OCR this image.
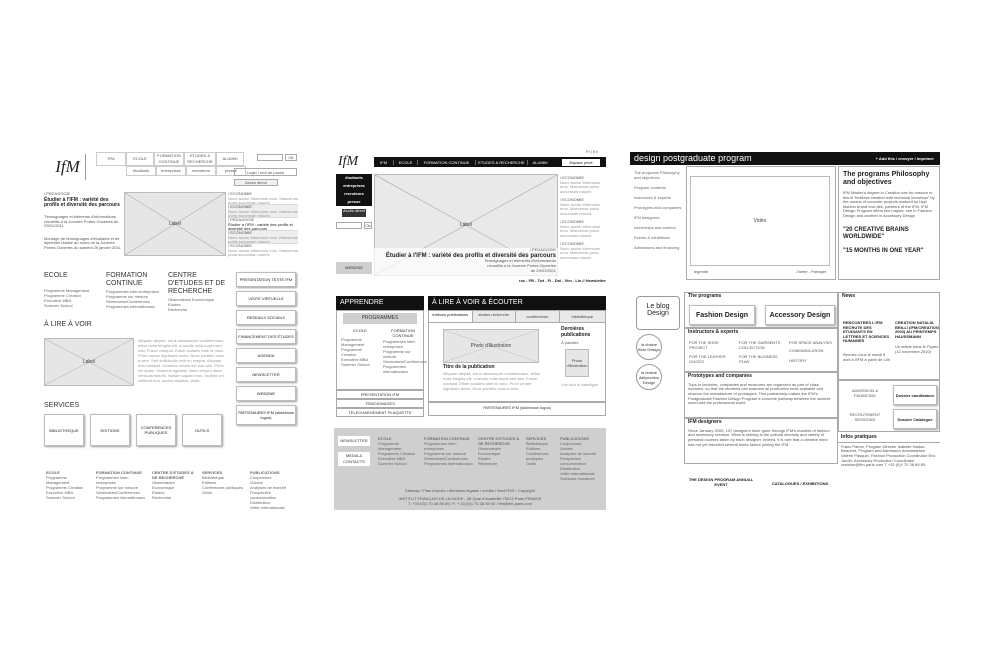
IfM	IFM	ECOLE
FORMATION CONTINUE
ETUDES & RECHERCHE
ALUMNI	Ok
étudiants	entreprises	recruteurs	presse	Login / mot de passe
Accès direct
/ PEDAGOGIE
Étudier à l'IFM : variété des profils et diversité des parcours
Témoignages et éléments d'informations recueillis à la Journée Portes Ouvertes du 29/01/2011
Montage de témoignages d'étudiants et de diplômés réalisé au cours de la Journée Portes Ouvertes du samedi 29 janvier 2011.
Label
/ ECONOMIE
Nunc auctor bibendum eros. Maecenas porta accumsan mauris
/ ECONOMIE
Nunc auctor bibendum eros. Maecenas porta accumsan mauris
/ PEDAGOGIE
Étudier à l'IFM : variété des profils et diversité des parcours
/ ECONOMIE
Nunc auctor bibendum eros. Maecenas porta accumsan mauris
/ ECONOMIE
Nunc auctor bibendum eros. Maecenas porta accumsan mauris
ECOLE
Programme Management
Programme Creation
Executive MBA
Summer School
FORMATION CONTINUE
Programmes inter-entreprises
Programme sur mesure
Séminaires/Conférences
Programmes internationaux
CENTRE D'ETUDES ET DE RECHERCHE
Observatoire Economique
Etudes
Recherche
PRESENTATION TEXTE IFM
VISITE VIRTUELLE
RESEAUX SOCIAUX
FINANCEMENT DES ÉTUDES
AGENDA
NEWSLETTER
WEBZINE
PARTENAIRES IFM (slideshow logos)
À LIRE À VOIR
Label
Aliquam aliquet, est a ullamcorper condimentum, tellus nulla fringilla elit, a iaculis nulla turpis sed wisi. Fusce volutpat. Etiam sodales ante id nunc. Proin ornare dignissim lacus. Nunc porttitor nunc a sem. Sed sollicitudin velit eu magna. Aliquam erat volutpat. Vivamus ornare est non wisi. Proin vel quam. Vivamus egestas. Nunc tempor diam vehicula mauris. Nullam sapien eros, facilisis vel, eleifend non, auctor dapibus, pede.
SERVICES
BIBLIOTHEQUE	EDITIONS	CONFERENCES PUBLIQUES	OUTILS
ECOLE
Programme
Management
Programme Creation
Executive MBA
Summer School
FORMATION CONTINUE
Programmes inter-entreprises
Programme sur mesure
Séminaires/Conférences
Programmes internationaux
CENTRE D'ETUDES & DE RECHERCHE
Observatoire
Economique
Etudes
Recherche
SERVICES
Bibliothèque
Editions
Conférences publiques
Outils
PUBLICATIONS
Conjoncture
Guides
Analyses de marché
Prospective
consommation
Distribution
Veille internationale
IfM
Fr | En
IFM	ECOLE	FORMATION CONTINUE	ETUDES & RECHERCHE	ALUMNI	Espace privé
étudiants
entreprises
recruteurs
presse
Accès direct
Ok
WEBZINE
Label
/ PEDAGOGIE
Étudier à l'IFM : variété des profils et diversité des parcours
Témoignages et éléments d'informations recueillis à la Journée Portes Ouvertes du 29/01/2011
/ ECONOMIE
Nunc auctor bibendum eros. Maecenas porta accumsan mauris
/ ECONOMIE
Nunc auctor bibendum eros. Maecenas porta accumsan mauris
/ ECONOMIE
Nunc auctor bibendum eros. Maecenas porta accumsan mauris
/ ECONOMIE
Nunc auctor bibendum eros. Maecenas porta accumsan mauris
rss - FB - Twt - Fl - Dai - Vim - Lin // Newsletter
APPRENDRE
PROGRAMMES
ECOLE
Programme
Management
Programme
Création
Executive MBA
Summer School
FORMATION CONTINUE
Programmes inter-entreprises
Programme sur mesure
Séminaires/Conférences
Programmes internationaux
PRESENTATION IFM
TEMOIGNAGES
TELECHARGEMENT PLAQUETTE
À LIRE À VOIR & ÉCOUTER
éditions publications	études recherche	conférences	bibliothèque
Photo d'illustration
Titre de la publication
Aliquam aliquet, est a ullamcorper condimentum, tellus nulla fringilla elit, a iaculis nulla turpis sed wisi. Fusce volutpat. Etiam sodales ante id nunc. Proin ornare dignissim lacus. Nunc porttitor nunc a sem.
Dernières publications
À paraître
Photo d'illustration
Voir tout le catalogue
PARTENAIRES IFM (slideshow logos)
NEWSLETTER
MEDIA & CONTACTS
ECOLE
Programme
Management
Programme Création
Executive MBA
Summer School
FORMATION CONTINUE
Programmes inter-entreprises
Programme sur mesure
Séminaires/Conférences
Programmes internationaux
CENTRE D'ETUDES & DE RECHERCHE
Observatoire
Economique
Etudes
Recherche
SERVICES
Bibliothèque
Editions
Conférences publiques
Outils
PUBLICATIONS
Conjoncture
Guides
Analyses de marché
Prospective
consommation
Distribution
Veille internationale
Sciences humaines
Sitemap / Plan d'accès / Mentions légales / crédits / feed RSS / Copyright
INSTITUT FRANÇAIS DE LA MODE - 36 Quai d'Austerlitz 75013 Paris FRANCE
T. +33 (0)1 70 38 89 89 / F. + 33 (0)1 70 38 89 00 / ifm@ifm-paris.com
design postgraduate program	+ Add this / envoyer / imprimer
The programs Philosophy and objectives
Program contents
Instructors & experts
Prototypes and companies
IFM designers
Internships and careers
Events & exhibitions
Admissions and financing
Vidéo
legende	J'aime - Partager
The programs Philosophy and objectives
IFM Master's degree in Creation has for mission to blend "limitless creation with technical knowhow" by the means of concrete projects realized by high fashion brand four-ties, partners of the IFM. IFM Design Program offers two majors: one in Fashion Design and another in Accessory Design
"20 CREATIVE BRAINS WORLDWIDE"
"15 MONTHS IN ONE YEAR"
Le blog Design
la chaine flickr Design
la chaine dailymotion Design
The programs
Fashion Design	Accessory Design
Instructors & experts
FOR THE SHOE PROJECT
FOR THE GARMENTS COLLECTION
FOR SPACE ANALYSIS
FOR THE LEATHER GOODS
FOR THE BUSINESS PLAN
COMMUNICATION
HISTORY
Prototypes and companies
Trips to factories, companies and museums are organized as part of class modules, so that the students can examine all production tools available and observe the manufacture of prototypes. This partnership makes the IFM's Postgraduate Fashion Design Program a concrete pathway between the student world and the professional world
IFM designers
Since January 2000, 137 designers have gone through IFM's masters of fashion and accessory creation. What is striking is the cultural diversity and variety of personal courses taken by each designer. Indeed, it is rare that a creative mind has not yet travelled several times before joining the IFM
THE DESIGN PROGRAM ANNUAL EVENT	CATALOGUES / EXHIBITIONS
News
RENCONTRES L'IFM RECRUTE DES ETUDIANTS EN LETTRES ET SCIENCES HUMAINES
Rendez-vous le mardi 5 avril à l'IFM à partir de 14h
CREATION NATALIA BRILLI (IFM/CREATION 2003) AU PRINTEMPS HAUSSMANN
Un article dans le Figaro (12 novembre 2010)
ADMISSION & FINANCING	Dossier candidature
RECRUTEMENT SESSIONS	Dossier Catalogue
Infos pratiques
Franc Parion, Program Director Isabelle Hadou-Beaufort, Program and Admission Administrator Valérie Pasquin, Fashion Production Coordinator Eric Jardin, Accessory Production Coordinator creation@ifm-paris.com T +33 (0)1 70 38 89 89
